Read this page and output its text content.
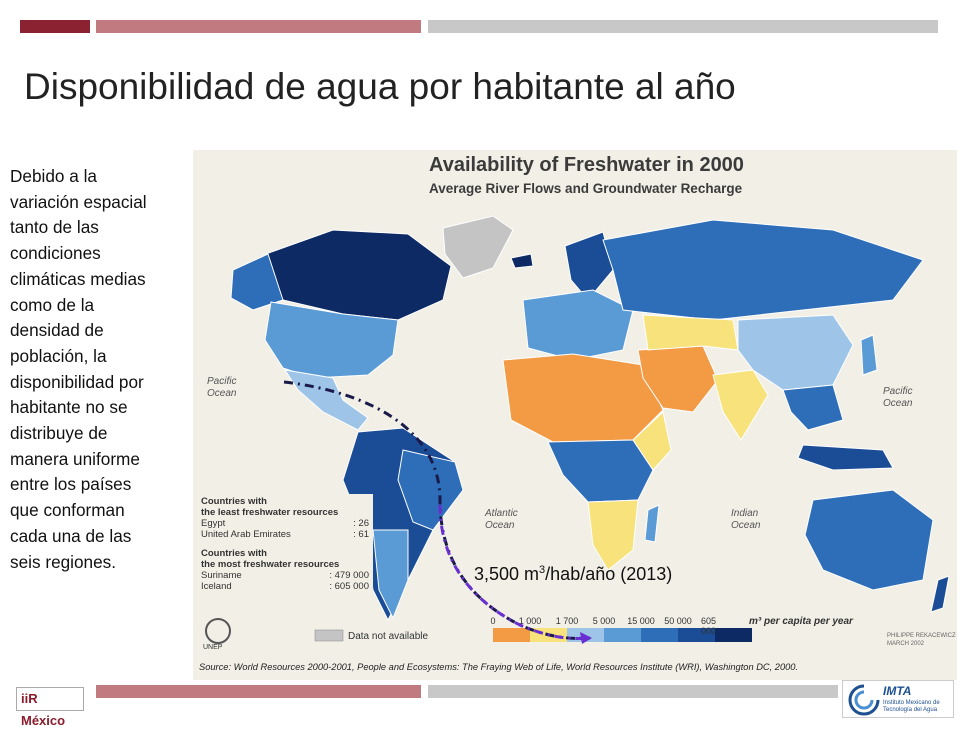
Disponibilidad de agua por habitante al año
Debido a la
variación espacial
tanto de las
condiciones
climáticas medias
como de la
densidad de
población, la
disponibilidad por
habitante no se
distribuye de
manera uniforme
entre los países
que conforman
cada una de las
seis regiones.
Availability of Freshwater in 2000
Average River Flows and Groundwater Recharge
Pacific
Ocean	Pacific
Ocean
Atlantic
Ocean
Indian
Ocean
Countries with
the least freshwater resources
Egypt	: 26
United Arab Emirates	: 61
Countries with
the most freshwater resources
Suriname	: 479 000
Iceland	: 605 000
0	1 000 1 700 5 000 15 000 50 000 605 000
m³ per capita per year
Data not available
UNEP
PHILIPPE REKACEWICZ
MARCH 2002
Source: World Resources 2000-2001, People and Ecosystems: The Fraying Web of Life, World Resources Institute (WRI), Washington DC, 2000.
3,500 $m^3/hab$/año (2013)
iiR México
IMTA
Instituto Mexicano de
Tecnología del Agua
